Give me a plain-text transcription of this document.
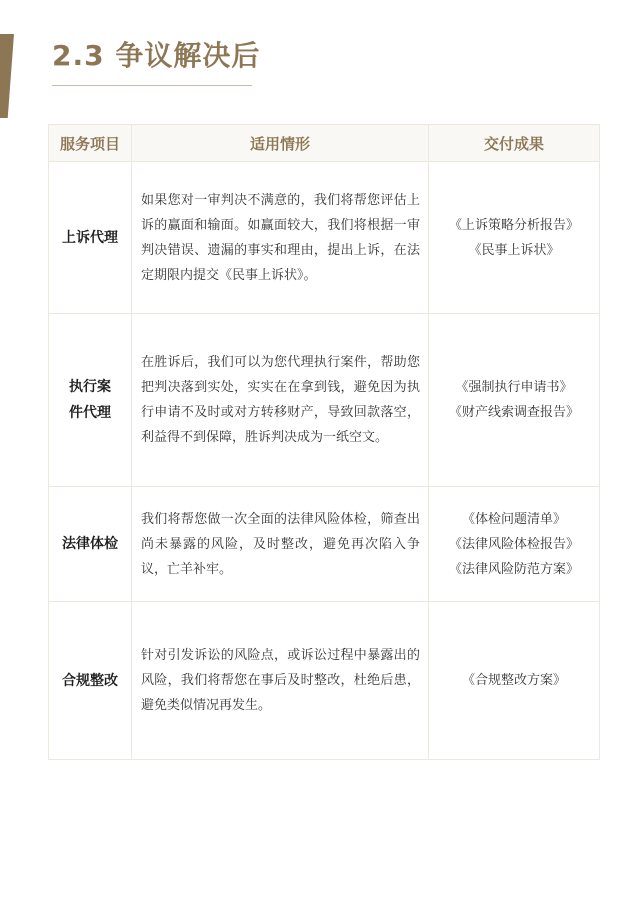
2.3 争议解决后
服务项目	适用情形	交付成果
上诉代理	如果您对一审判决不满意的，我们将帮您评估上诉的赢面和输面。如赢面较大，我们将根据一审判决错误、遗漏的事实和理由，提出上诉，在法定期限内提交《民事上诉状》。	《上诉策略分析报告》
《民事上诉状》

执行案件代理	在胜诉后，我们可以为您代理执行案件，帮助您把判决落到实处，实实在在拿到钱，避免因为执行申请不及时或对方转移财产，导致回款落空，利益得不到保障，胜诉判决成为一纸空文。	《强制执行申请书》
《财产线索调查报告》

法律体检	我们将帮您做一次全面的法律风险体检，筛查出尚未暴露的风险，及时整改，避免再次陷入争议，亡羊补牢。	《体检问题清单》
《法律风险体检报告》
《法律风险防范方案》

合规整改	针对引发诉讼的风险点，或诉讼过程中暴露出的风险，我们将帮您在事后及时整改，杜绝后患，避免类似情况再发生。	《合规整改方案》
